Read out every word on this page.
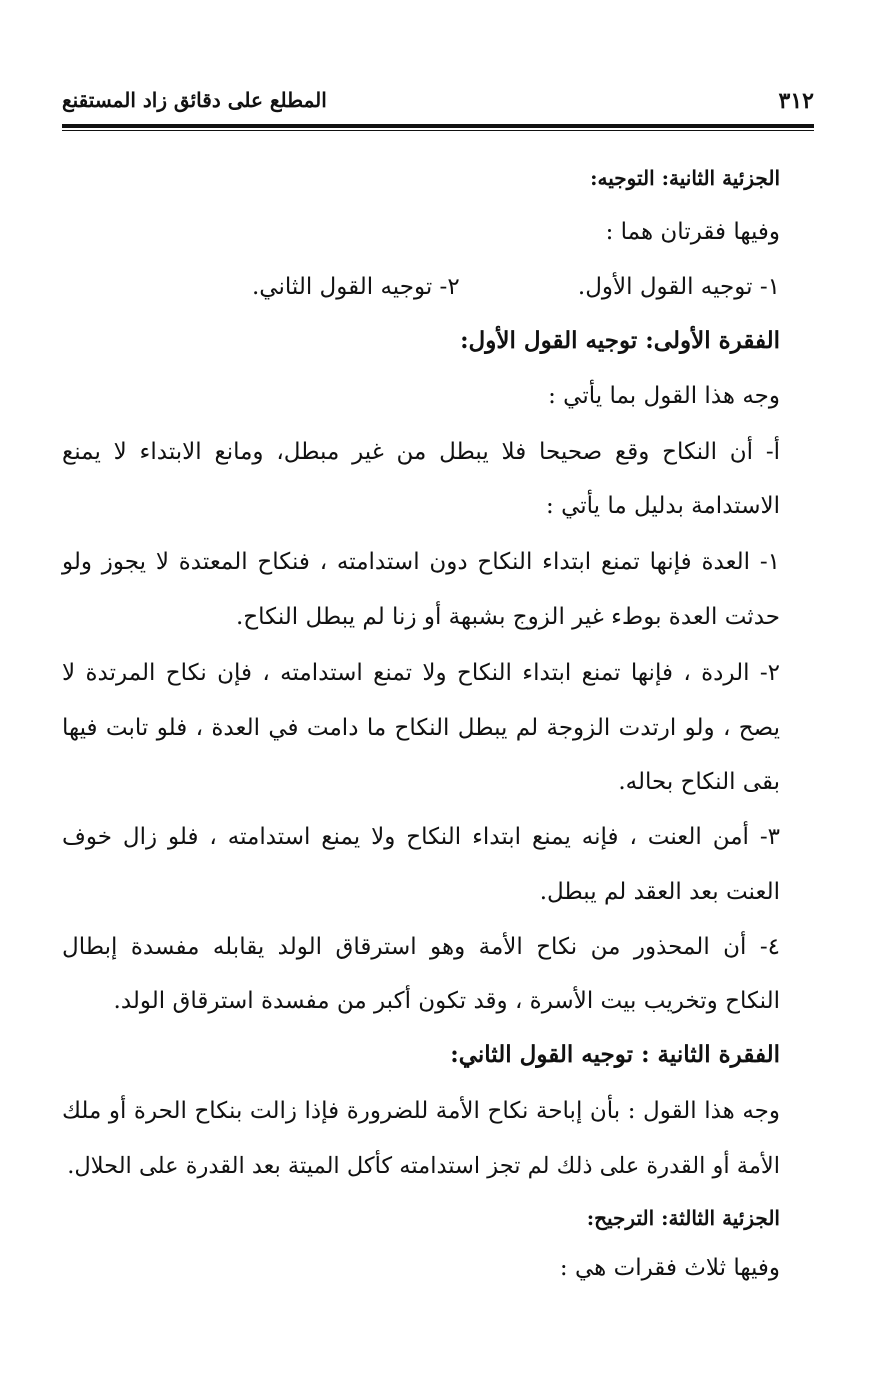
٣١٢
المطلع على دقائق زاد المستقنع
الجزئية الثانية: التوجيه:
وفيها فقرتان هما :
١- توجيه القول الأول.
٢- توجيه القول الثاني.
الفقرة الأولى: توجيه القول الأول:
وجه هذا القول بما يأتي :
أ- أن النكاح وقع صحيحا فلا يبطل من غير مبطل، ومانع الابتداء لا يمنع
الاستدامة بدليل ما يأتي :
١- العدة فإنها تمنع ابتداء النكاح دون استدامته ، فنكاح المعتدة لا يجوز ولو
حدثت العدة بوطء غير الزوج بشبهة أو زنا لم يبطل النكاح.
٢- الردة ، فإنها تمنع ابتداء النكاح ولا تمنع استدامته ، فإن نكاح المرتدة لا
يصح ، ولو ارتدت الزوجة لم يبطل النكاح ما دامت في العدة ، فلو تابت فيها
بقى النكاح بحاله.
٣- أمن العنت ، فإنه يمنع ابتداء النكاح ولا يمنع استدامته ، فلو زال خوف
العنت بعد العقد لم يبطل.
٤- أن المحذور من نكاح الأمة وهو استرقاق الولد يقابله مفسدة إبطال
النكاح وتخريب بيت الأسرة ، وقد تكون أكبر من مفسدة استرقاق الولد.
الفقرة الثانية : توجيه القول الثاني:
وجه هذا القول : بأن إباحة نكاح الأمة للضرورة فإذا زالت بنكاح الحرة أو ملك
الأمة أو القدرة على ذلك لم تجز استدامته كأكل الميتة بعد القدرة على الحلال.
الجزئية الثالثة: الترجيح:
وفيها ثلاث فقرات هي :
